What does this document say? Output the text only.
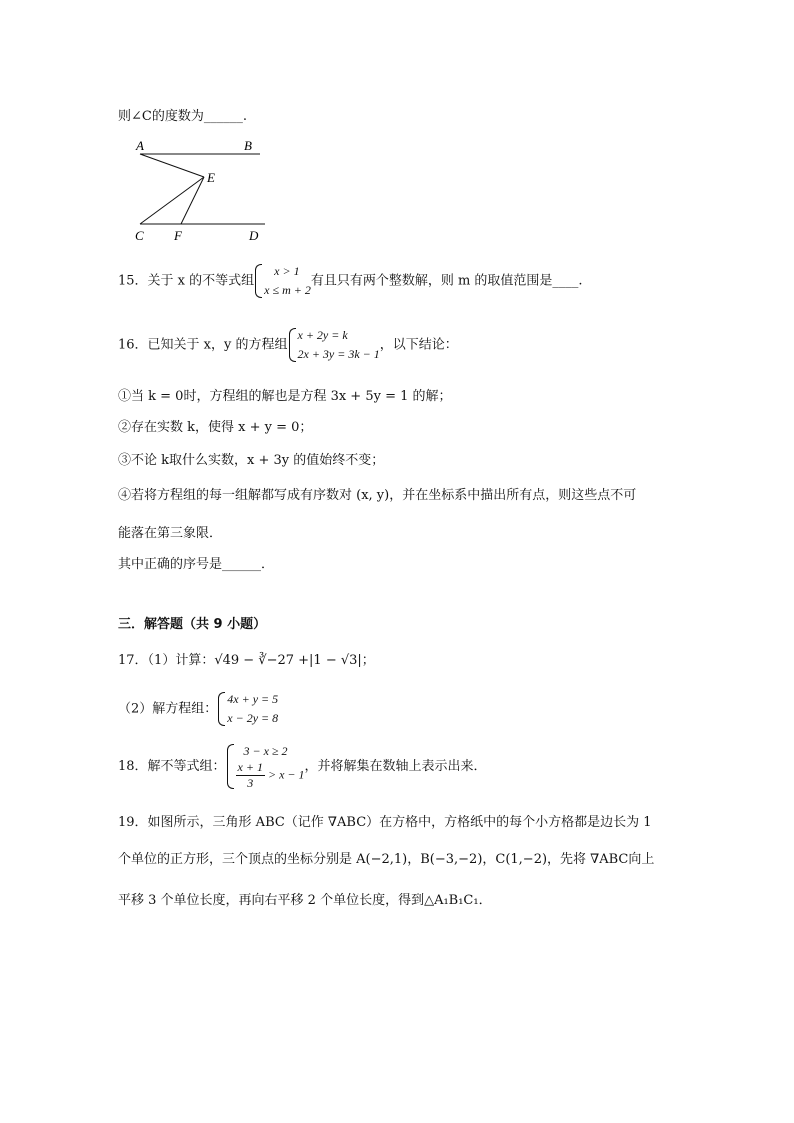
则∠C的度数为______.
A	B
E
C F	D
15．关于 x 的不等式组
x > 1
x ≤ m + 2
有且只有两个整数解，则 m 的取值范围是____.
16．已知关于 x，y 的方程组
x + 2y = k
2x + 3y = 3k − 1
，以下结论：
①当 k = 0时，方程组的解也是方程 3x + 5y = 1 的解；
②存在实数 k，使得 x + y = 0；
③不论 k取什么实数，x + 3y 的值始终不变；
④若将方程组的每一组解都写成有序数对 (x, y)，并在坐标系中描出所有点，则这些点不可
能落在第三象限．
其中正确的序号是______．
三．解答题（共 9 小题）
17．（1）计算：√49 − ∛−27 +|1 − √3|；
（2）解方程组：
4x + y = 5
x − 2y = 8
18．解不等式组：
3 − x ≥ 2
$\frac{x + 1}{3} > x - 1$
，并将解集在数轴上表示出来．
19．如图所示，三角形 ABC（记作 ∇ABC）在方格中，方格纸中的每个小方格都是边长为 1
个单位的正方形，三个顶点的坐标分别是 A(−2,1)，B(−3,−2)，C(1,−2)，先将 ∇ABC向上
平移 3 个单位长度，再向右平移 2 个单位长度，得到△A₁B₁C₁．
